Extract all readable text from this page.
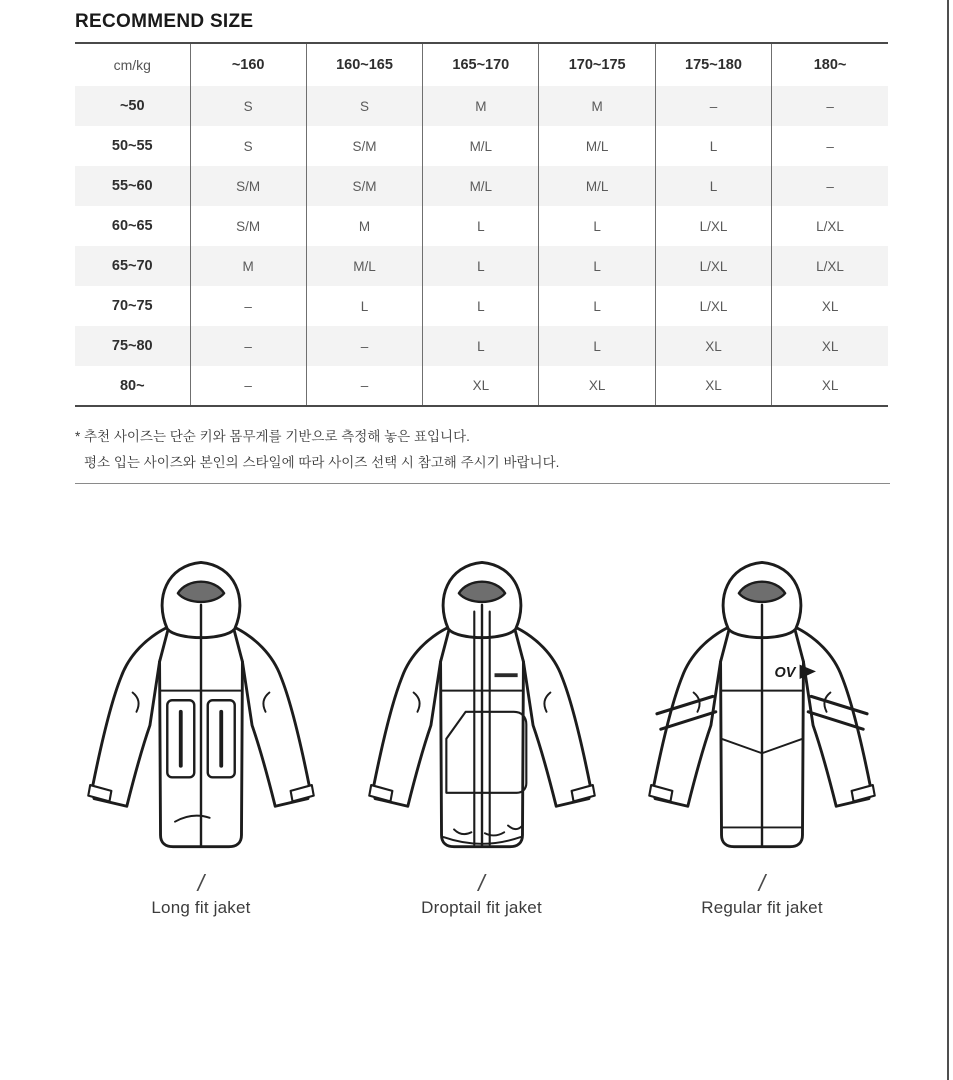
RECOMMEND SIZE
cm/kg	~160	160~165	165~170	170~175	175~180	180~
~50	S	S	M	M	–	–
50~55	S	S/M	M/L	M/L	L	–
55~60	S/M	S/M	M/L	M/L	L	–
60~65	S/M	M	L	L	L/XL	L/XL
65~70	M	M/L	L	L	L/XL	L/XL
70~75	–	L	L	L	L/XL	XL
75~80	–	–	L	L	XL	XL
80~	–	–	XL	XL	XL	XL

* 추천 사이즈는 단순 키와 몸무게를 기반으로 측정해 놓은 표입니다.

평소 입는 사이즈와 본인의 스타일에 따라 사이즈 선택 시 참고해 주시기 바랍니다.

/
Long fit jaket
/
Droptail fit jaket
OV
/
Regular fit jaket
